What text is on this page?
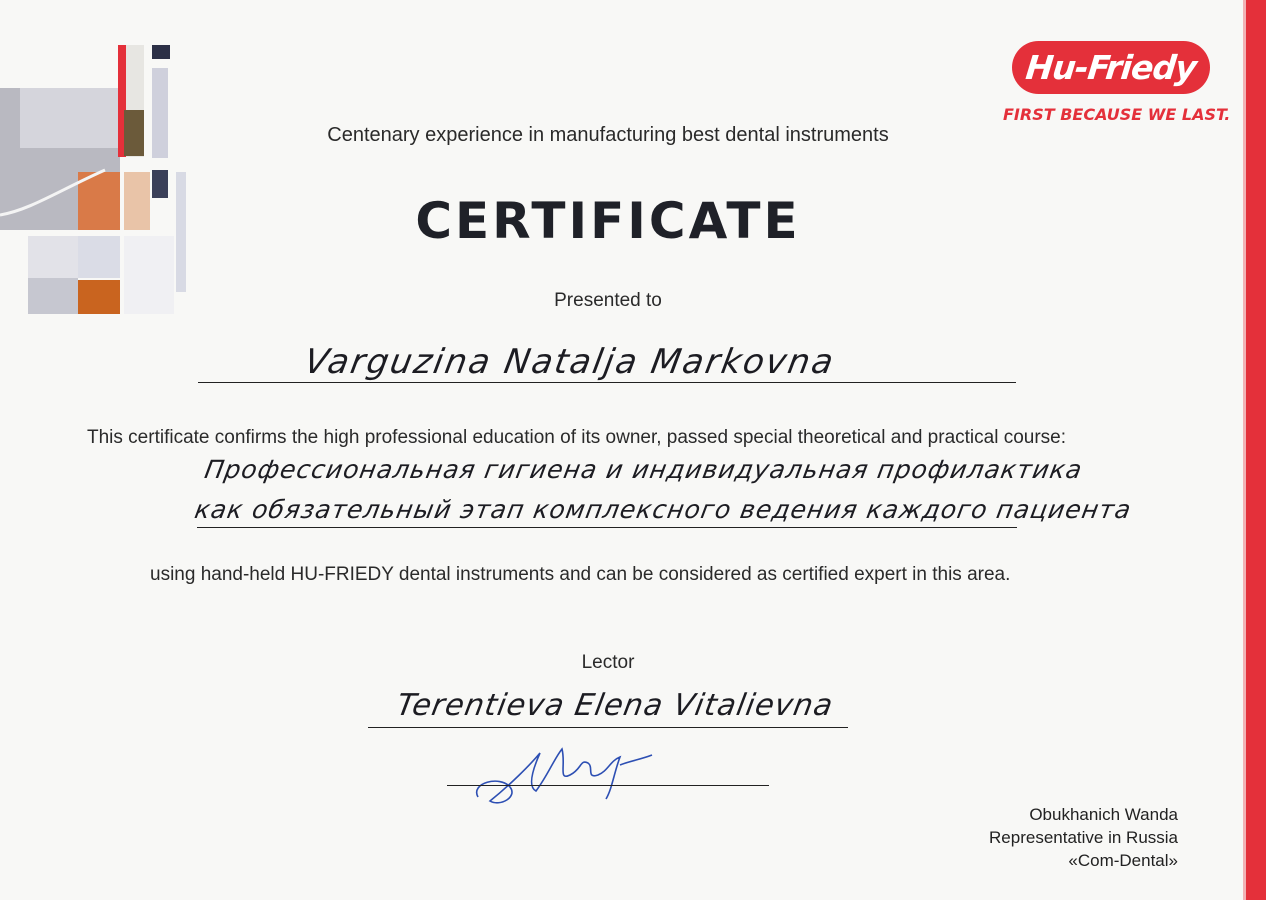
Hu-Friedy
FIRST BECAUSE WE LAST.
Centenary experience in manufacturing best dental instruments
CERTIFICATE
Presented to
Varguzina Natalja Markovna
This certificate confirms the high professional education of its owner, passed special theoretical and practical course:
Профессиональная гигиена и индивидуальная профилактика
как обязательный этап комплексного ведения каждого пациента
using hand-held HU-FRIEDY dental instruments and can be considered as certified expert in this area.
Lector
Terentieva Elena Vitalievna
Obukhanich Wanda
Representative in Russia
«Com-Dental»
